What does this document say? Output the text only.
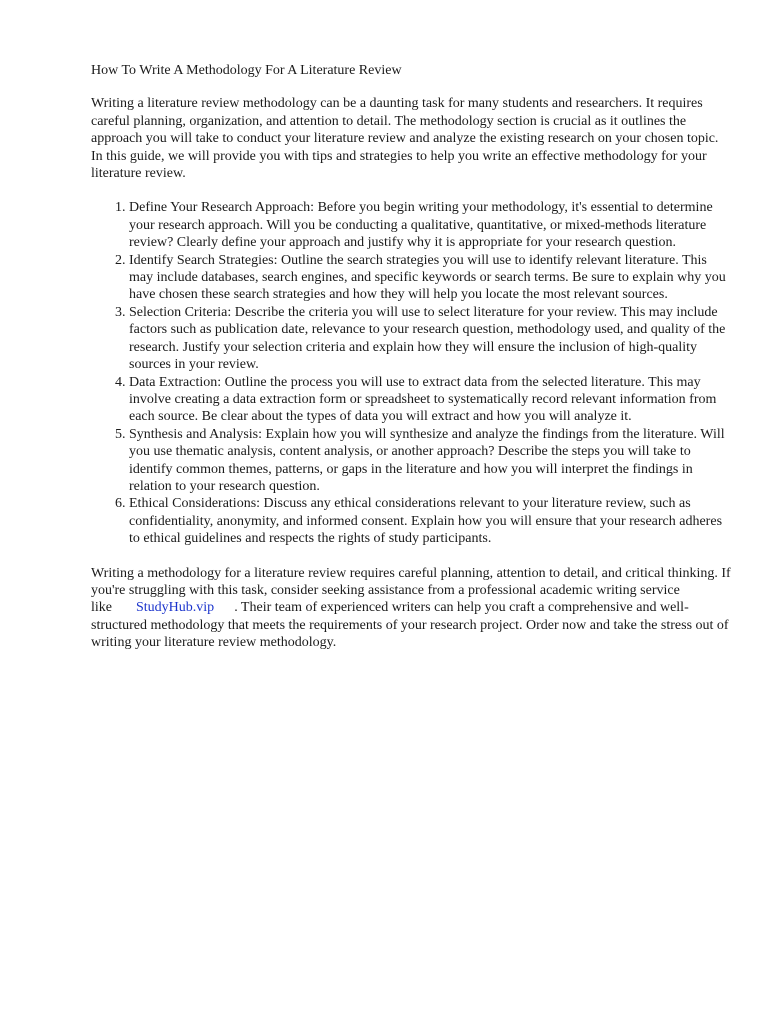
How To Write A Methodology For A Literature Review

Writing a literature review methodology can be a daunting task for many students and researchers. It requires careful planning, organization, and attention to detail. The methodology section is crucial as it outlines the approach you will take to conduct your literature review and analyze the existing research on your chosen topic. In this guide, we will provide you with tips and strategies to help you write an effective methodology for your literature review.

1. Define Your Research Approach: Before you begin writing your methodology, it's essential to determine your research approach. Will you be conducting a qualitative, quantitative, or mixed-methods literature review? Clearly define your approach and justify why it is appropriate for your research question.
2. Identify Search Strategies: Outline the search strategies you will use to identify relevant literature. This may include databases, search engines, and specific keywords or search terms. Be sure to explain why you have chosen these search strategies and how they will help you locate the most relevant sources.
3. Selection Criteria: Describe the criteria you will use to select literature for your review. This may include factors such as publication date, relevance to your research question, methodology used, and quality of the research. Justify your selection criteria and explain how they will ensure the inclusion of high-quality sources in your review.
4. Data Extraction: Outline the process you will use to extract data from the selected literature. This may involve creating a data extraction form or spreadsheet to systematically record relevant information from each source. Be clear about the types of data you will extract and how you will analyze it.
5. Synthesis and Analysis: Explain how you will synthesize and analyze the findings from the literature. Will you use thematic analysis, content analysis, or another approach? Describe the steps you will take to identify common themes, patterns, or gaps in the literature and how you will interpret the findings in relation to your research question.
6. Ethical Considerations: Discuss any ethical considerations relevant to your literature review, such as confidentiality, anonymity, and informed consent. Explain how you will ensure that your research adheres to ethical guidelines and respects the rights of study participants.

Writing a methodology for a literature review requires careful planning, attention to detail, and critical thinking. If you're struggling with this task, consider seeking assistance from a professional academic writing service like StudyHub.vip . Their team of experienced writers can help you craft a comprehensive and well-structured methodology that meets the requirements of your research project. Order now and take the stress out of writing your literature review methodology.
